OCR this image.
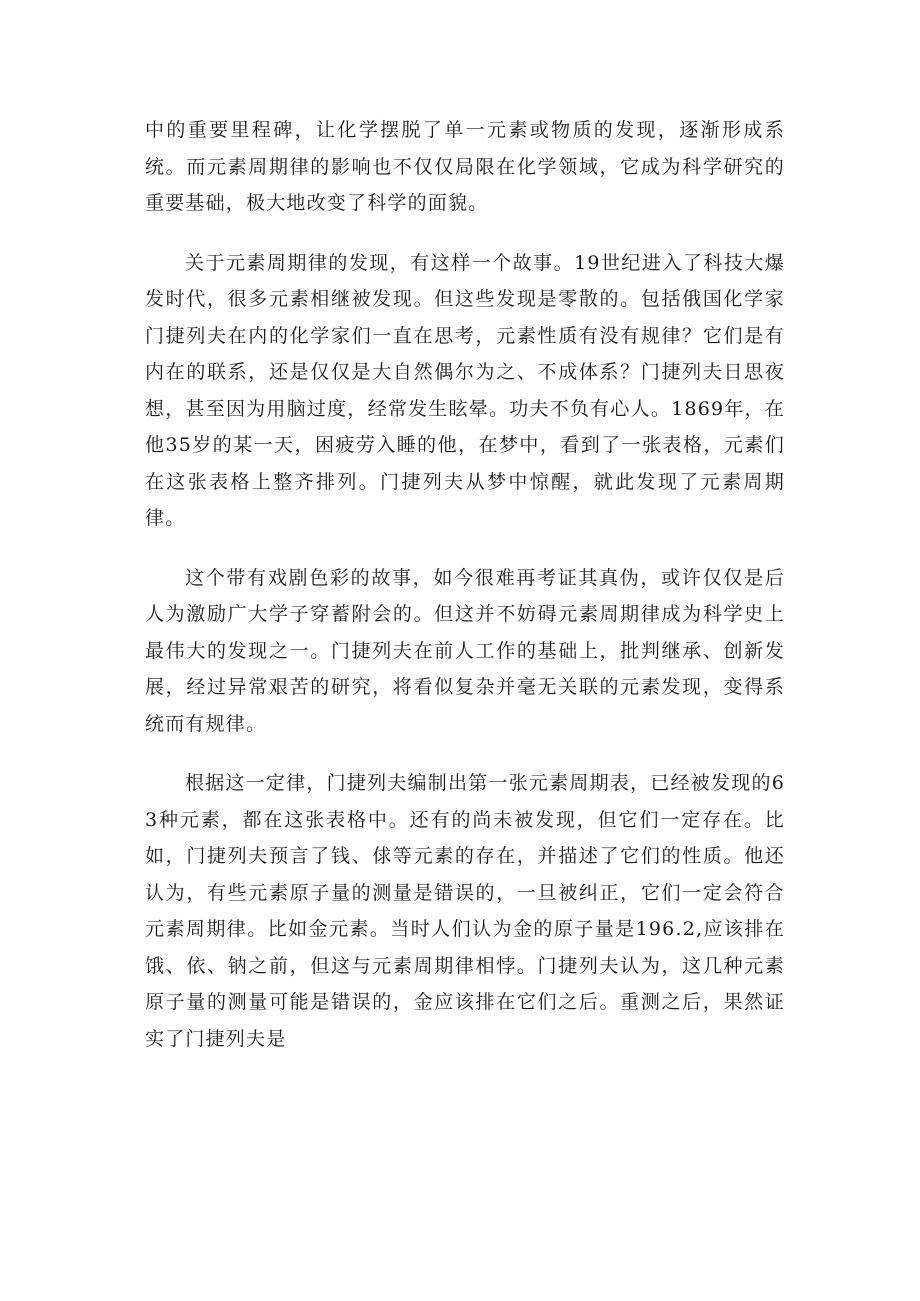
中的重要里程碑，让化学摆脱了单一元素或物质的发现，逐渐形成系统。而元素周期律的影响也不仅仅局限在化学领域，它成为科学研究的重要基础，极大地改变了科学的面貌。

关于元素周期律的发现，有这样一个故事。19世纪进入了科技大爆发时代，很多元素相继被发现。但这些发现是零散的。包括俄国化学家门捷列夫在内的化学家们一直在思考，元素性质有没有规律？它们是有内在的联系，还是仅仅是大自然偶尔为之、不成体系？门捷列夫日思夜想，甚至因为用脑过度，经常发生眩晕。功夫不负有心人。1869年，在他35岁的某一天，困疲劳入睡的他，在梦中，看到了一张表格，元素们在这张表格上整齐排列。门捷列夫从梦中惊醒，就此发现了元素周期律。

这个带有戏剧色彩的故事，如今很难再考证其真伪，或许仅仅是后人为激励广大学子穿蓄附会的。但这并不妨碍元素周期律成为科学史上最伟大的发现之一。门捷列夫在前人工作的基础上，批判继承、创新发展，经过异常艰苦的研究，将看似复杂并毫无关联的元素发现，变得系统而有规律。

根据这一定律，门捷列夫编制出第一张元素周期表，已经被发现的63种元素，都在这张表格中。还有的尚未被发现，但它们一定存在。比如，门捷列夫预言了钱、俅等元素的存在，并描述了它们的性质。他还认为，有些元素原子量的测量是错误的，一旦被纠正，它们一定会符合元素周期律。比如金元素。当时人们认为金的原子量是196.2,应该排在饿、依、钠之前，但这与元素周期律相悖。门捷列夫认为，这几种元素原子量的测量可能是错误的，金应该排在它们之后。重测之后，果然证实了门捷列夫是
